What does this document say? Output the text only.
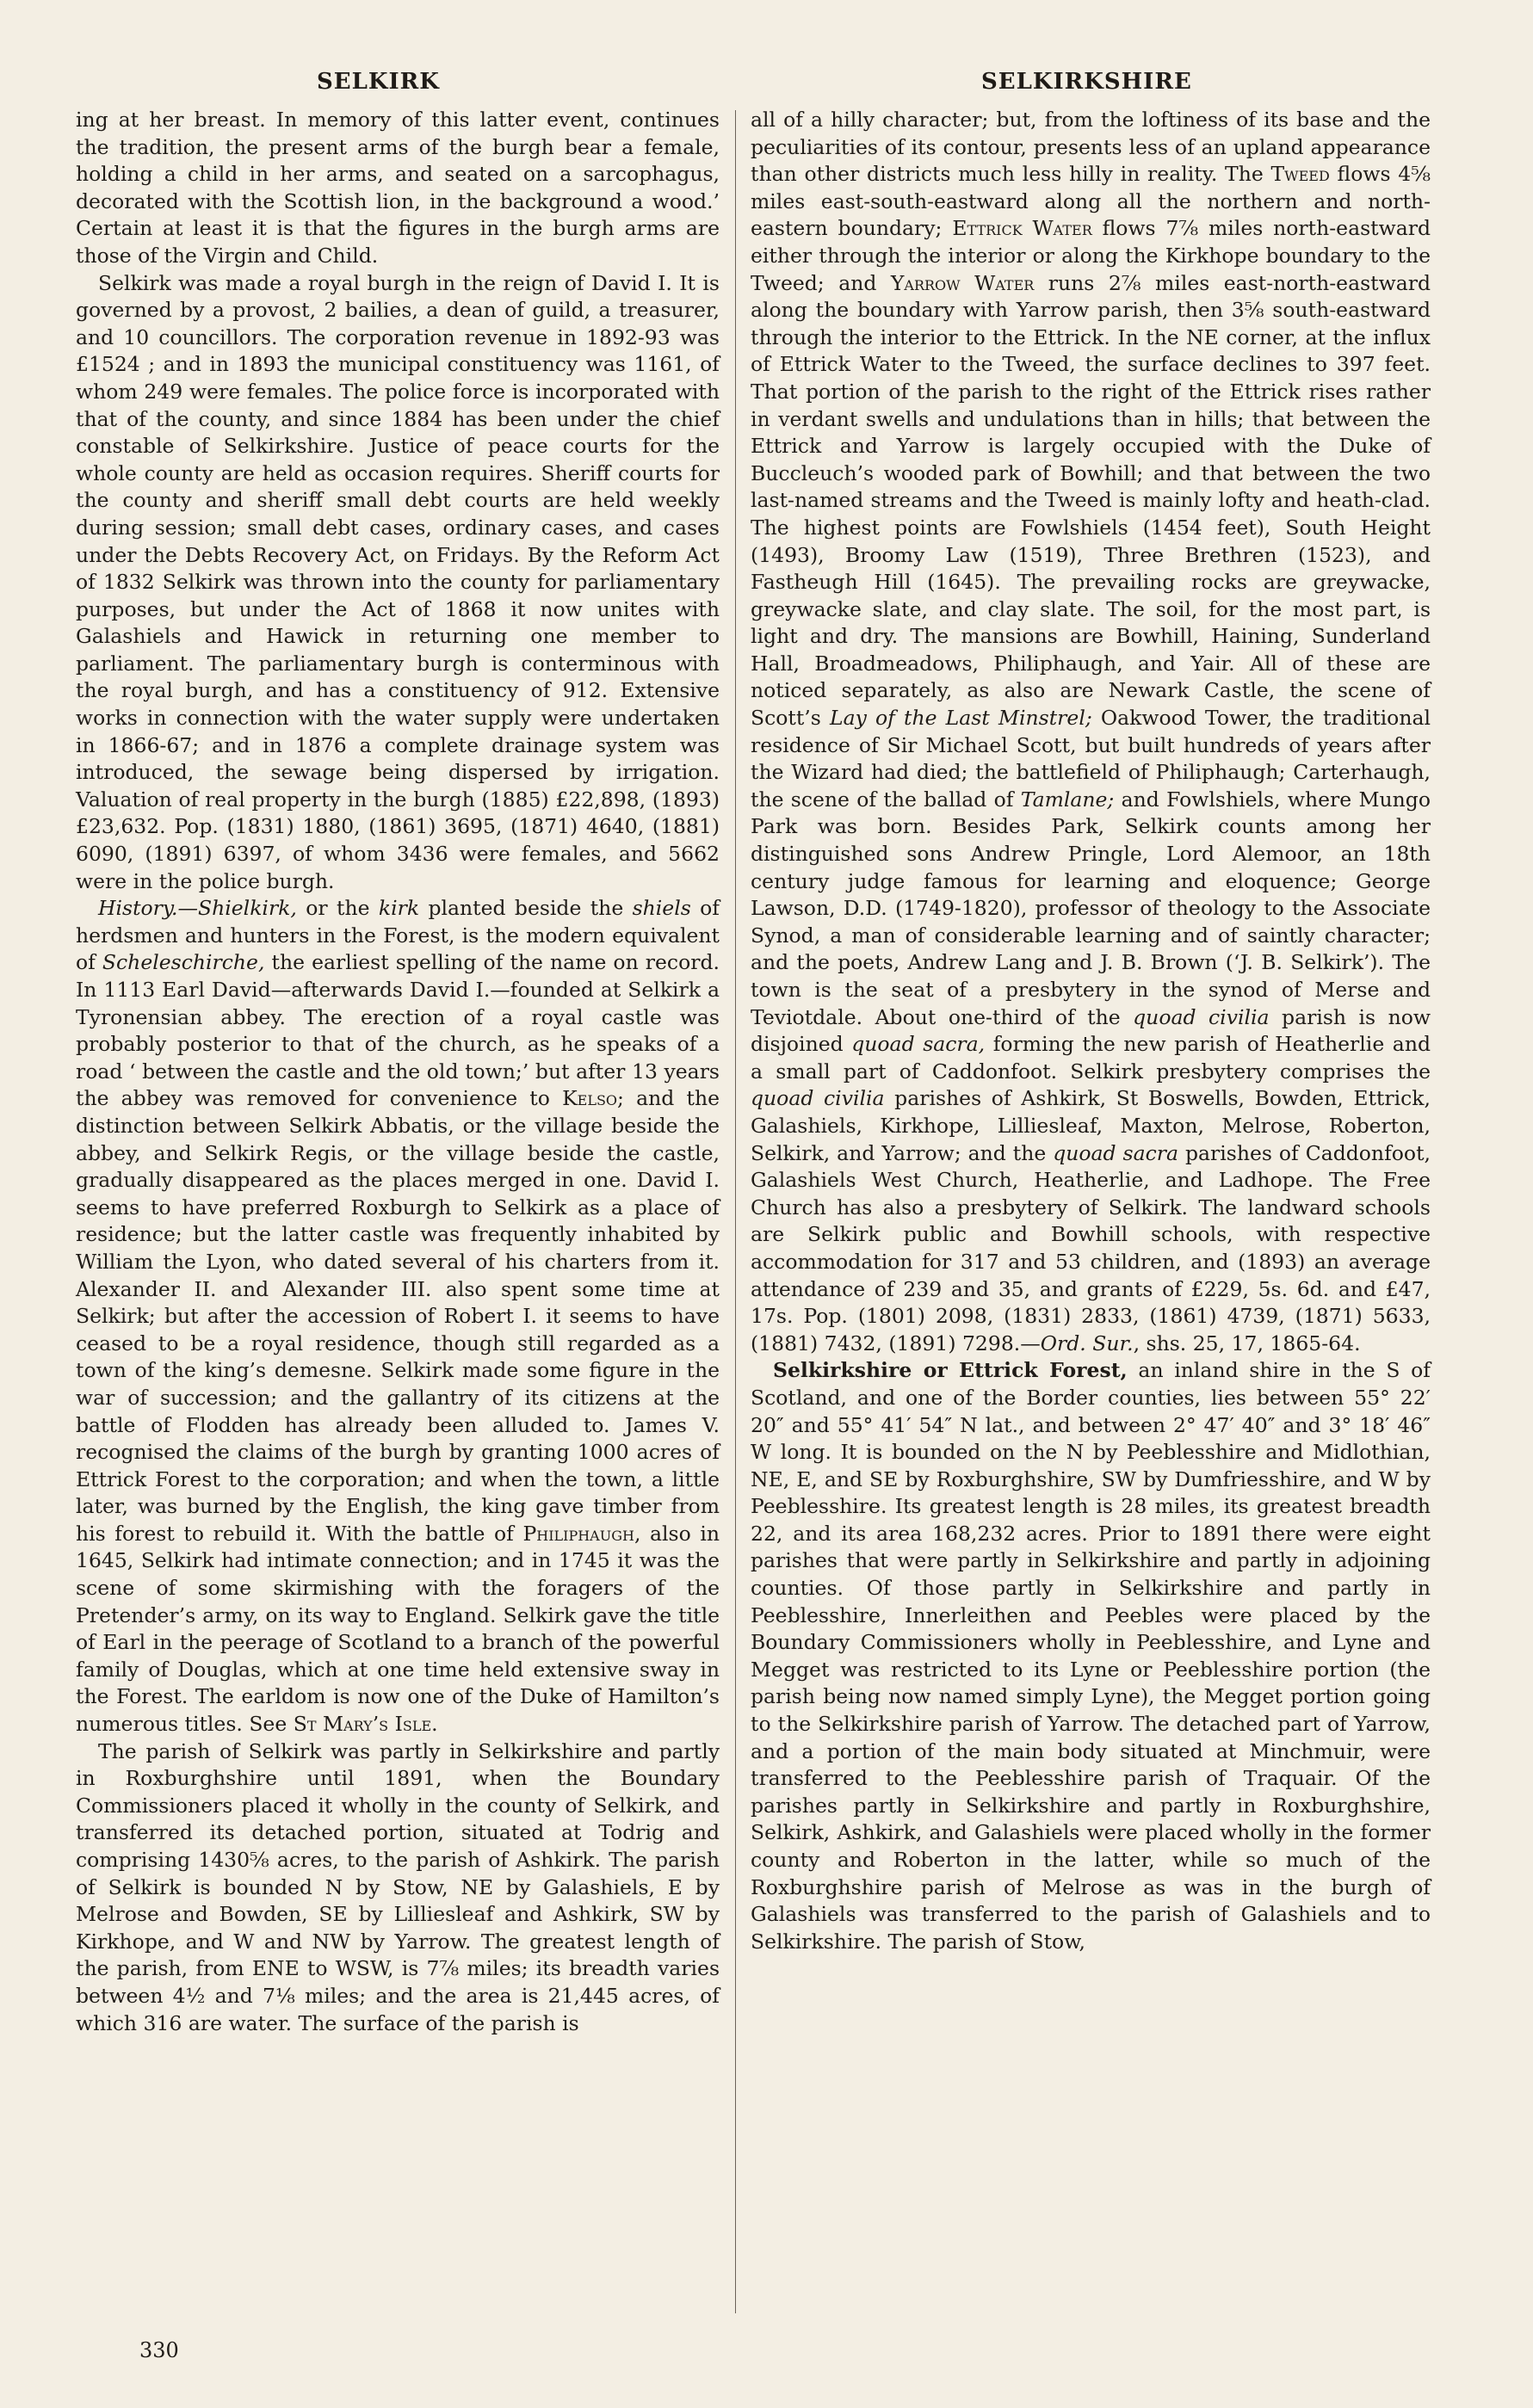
SELKIRK	SELKIRKSHIRE

ing at her breast. In memory of this latter event, continues the tradition, the present arms of the burgh bear a female, holding a child in her arms, and seated on a sarcophagus, decorated with the Scottish lion, in the background a wood.’ Certain at least it is that the figures in the burgh arms are those of the Virgin and Child.

Selkirk was made a royal burgh in the reign of David I. It is governed by a provost, 2 bailies, a dean of guild, a treasurer, and 10 councillors. The corporation revenue in 1892-93 was £1524 ; and in 1893 the municipal constituency was 1161, of whom 249 were females. The police force is incorporated with that of the county, and since 1884 has been under the chief constable of Selkirkshire. Justice of peace courts for the whole county are held as occasion requires. Sheriff courts for the county and sheriff small debt courts are held weekly during session; small debt cases, ordinary cases, and cases under the Debts Recovery Act, on Fridays. By the Reform Act of 1832 Selkirk was thrown into the county for parliamentary purposes, but under the Act of 1868 it now unites with Galashiels and Hawick in returning one member to parliament. The parliamentary burgh is conterminous with the royal burgh, and has a constituency of 912. Extensive works in connection with the water supply were undertaken in 1866-67; and in 1876 a complete drainage system was introduced, the sewage being dispersed by irrigation. Valuation of real property in the burgh (1885) £22,898, (1893) £23,632. Pop. (1831) 1880, (1861) 3695, (1871) 4640, (1881) 6090, (1891) 6397, of whom 3436 were females, and 5662 were in the police burgh.

History.—Shielkirk, or the kirk planted beside the shiels of herdsmen and hunters in the Forest, is the modern equivalent of Scheleschirche, the earliest spelling of the name on record. In 1113 Earl David—afterwards David I.—founded at Selkirk a Tyronensian abbey. The erection of a royal castle was probably posterior to that of the church, as he speaks of a road ‘ between the castle and the old town;’ but after 13 years the abbey was removed for convenience to Kelso; and the distinction between Selkirk Abbatis, or the village beside the abbey, and Selkirk Regis, or the village beside the castle, gradually disappeared as the places merged in one. David I. seems to have preferred Roxburgh to Selkirk as a place of residence; but the latter castle was frequently inhabited by William the Lyon, who dated several of his charters from it. Alexander II. and Alexander III. also spent some time at Selkirk; but after the accession of Robert I. it seems to have ceased to be a royal residence, though still regarded as a town of the king’s demesne. Selkirk made some figure in the war of succession; and the gallantry of its citizens at the battle of Flodden has already been alluded to. James V. recognised the claims of the burgh by granting 1000 acres of Ettrick Forest to the corporation; and when the town, a little later, was burned by the English, the king gave timber from his forest to rebuild it. With the battle of Philiphaugh, also in 1645, Selkirk had intimate connection; and in 1745 it was the scene of some skirmishing with the foragers of the Pretender’s army, on its way to England. Selkirk gave the title of Earl in the peerage of Scotland to a branch of the powerful family of Douglas, which at one time held extensive sway in the Forest. The earldom is now one of the Duke of Hamilton’s numerous titles. See St Mary’s Isle.

The parish of Selkirk was partly in Selkirkshire and partly in Roxburghshire until 1891, when the Boundary Commissioners placed it wholly in the county of Selkirk, and transferred its detached portion, situated at Todrig and comprising 1430⅝ acres, to the parish of Ashkirk. The parish of Selkirk is bounded N by Stow, NE by Galashiels, E by Melrose and Bowden, SE by Lilliesleaf and Ashkirk, SW by Kirkhope, and W and NW by Yarrow. The greatest length of the parish, from ENE to WSW, is 7⅞ miles; its breadth varies between 4½ and 7⅛ miles; and the area is 21,445 acres, of which 316 are water. The surface of the parish is

330

all of a hilly character; but, from the loftiness of its base and the peculiarities of its contour, presents less of an upland appearance than other districts much less hilly in reality. The Tweed flows 4⅝ miles east-south-eastward along all the northern and north-eastern boundary; Ettrick Water flows 7⅞ miles north-eastward either through the interior or along the Kirkhope boundary to the Tweed; and Yarrow Water runs 2⅞ miles east-north-eastward along the boundary with Yarrow parish, then 3⅝ south-eastward through the interior to the Ettrick. In the NE corner, at the influx of Ettrick Water to the Tweed, the surface declines to 397 feet. That portion of the parish to the right of the Ettrick rises rather in verdant swells and undulations than in hills; that between the Ettrick and Yarrow is largely occupied with the Duke of Buccleuch’s wooded park of Bowhill; and that between the two last-named streams and the Tweed is mainly lofty and heath-clad. The highest points are Fowlshiels (1454 feet), South Height (1493), Broomy Law (1519), Three Brethren (1523), and Fastheugh Hill (1645). The prevailing rocks are greywacke, greywacke slate, and clay slate. The soil, for the most part, is light and dry. The mansions are Bowhill, Haining, Sunderland Hall, Broadmeadows, Philiphaugh, and Yair. All of these are noticed separately, as also are Newark Castle, the scene of Scott’s Lay of the Last Minstrel; Oakwood Tower, the traditional residence of Sir Michael Scott, but built hundreds of years after the Wizard had died; the battlefield of Philiphaugh; Carterhaugh, the scene of the ballad of Tamlane; and Fowlshiels, where Mungo Park was born. Besides Park, Selkirk counts among her distinguished sons Andrew Pringle, Lord Alemoor, an 18th century judge famous for learning and eloquence; George Lawson, D.D. (1749-1820), professor of theology to the Associate Synod, a man of considerable learning and of saintly character; and the poets, Andrew Lang and J. B. Brown (‘J. B. Selkirk’). The town is the seat of a presbytery in the synod of Merse and Teviotdale. About one-third of the quoad civilia parish is now disjoined quoad sacra, forming the new parish of Heatherlie and a small part of Caddonfoot. Selkirk presbytery comprises the quoad civilia parishes of Ashkirk, St Boswells, Bowden, Ettrick, Galashiels, Kirkhope, Lilliesleaf, Maxton, Melrose, Roberton, Selkirk, and Yarrow; and the quoad sacra parishes of Caddonfoot, Galashiels West Church, Heatherlie, and Ladhope. The Free Church has also a presbytery of Selkirk. The landward schools are Selkirk public and Bowhill schools, with respective accommodation for 317 and 53 children, and (1893) an average attendance of 239 and 35, and grants of £229, 5s. 6d. and £47, 17s. Pop. (1801) 2098, (1831) 2833, (1861) 4739, (1871) 5633, (1881) 7432, (1891) 7298.—Ord. Sur., shs. 25, 17, 1865-64.

Selkirkshire or Ettrick Forest, an inland shire in the S of Scotland, and one of the Border counties, lies between 55° 22′ 20″ and 55° 41′ 54″ N lat., and between 2° 47′ 40″ and 3° 18′ 46″ W long. It is bounded on the N by Peeblesshire and Midlothian, NE, E, and SE by Roxburghshire, SW by Dumfriesshire, and W by Peeblesshire. Its greatest length is 28 miles, its greatest breadth 22, and its area 168,232 acres. Prior to 1891 there were eight parishes that were partly in Selkirkshire and partly in adjoining counties. Of those partly in Selkirkshire and partly in Peeblesshire, Innerleithen and Peebles were placed by the Boundary Commissioners wholly in Peeblesshire, and Lyne and Megget was restricted to its Lyne or Peeblesshire portion (the parish being now named simply Lyne), the Megget portion going to the Selkirkshire parish of Yarrow. The detached part of Yarrow, and a portion of the main body situated at Minchmuir, were transferred to the Peeblesshire parish of Traquair. Of the parishes partly in Selkirkshire and partly in Roxburghshire, Selkirk, Ashkirk, and Galashiels were placed wholly in the former county and Roberton in the latter, while so much of the Roxburghshire parish of Melrose as was in the burgh of Galashiels was transferred to the parish of Galashiels and to Selkirkshire. The parish of Stow,
